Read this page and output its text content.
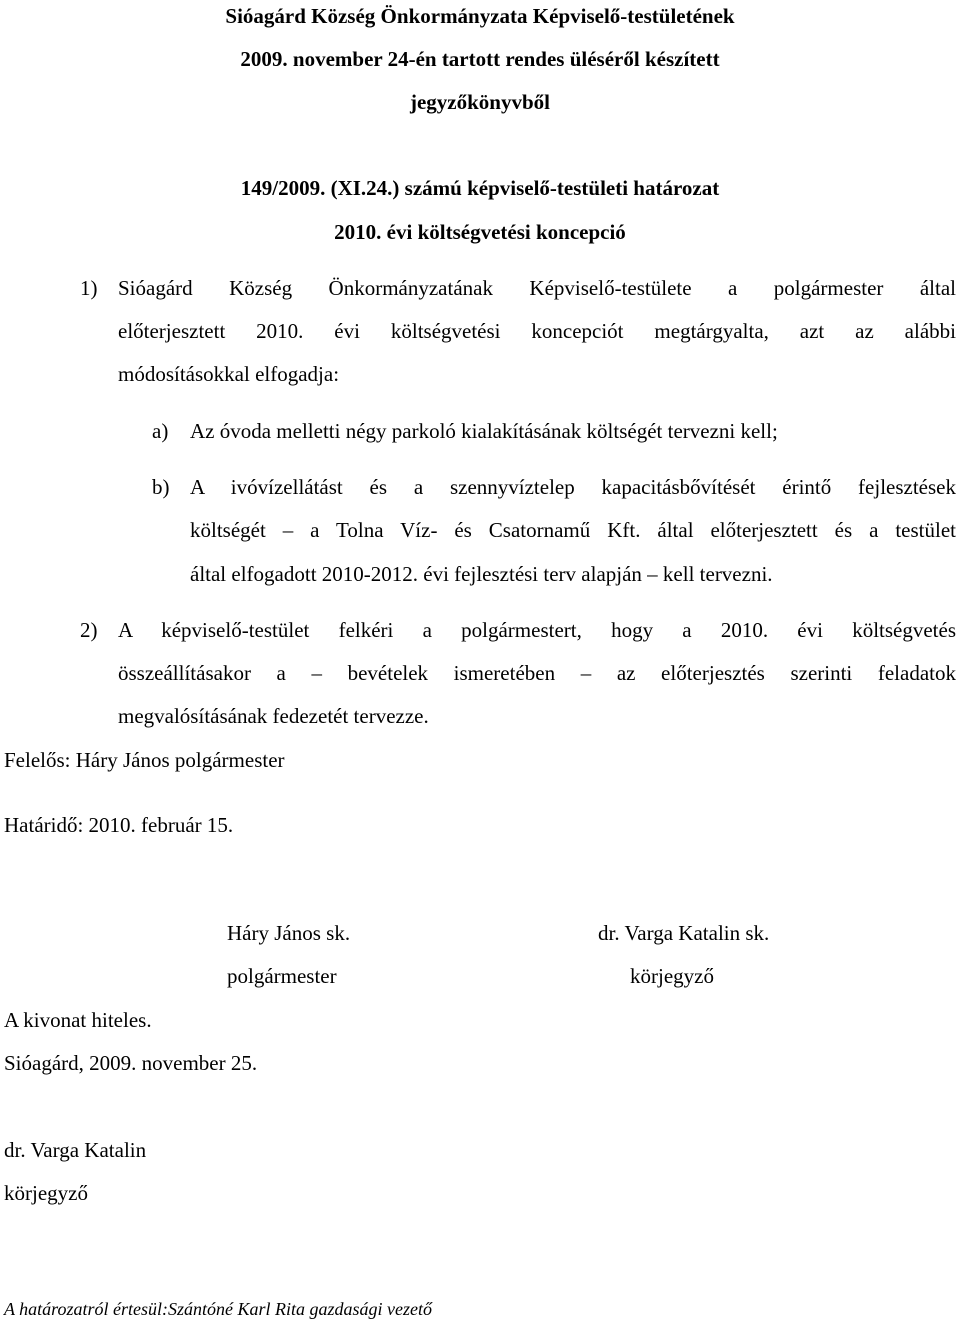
Sióagárd Község Önkormányzata Képviselő-testületének
2009. november 24-én tartott rendes üléséről készített
jegyzőkönyvből
149/2009. (XI.24.) számú képviselő-testületi határozat
2010. évi költségvetési koncepció
1) Sióagárd Község Önkormányzatának Képviselő-testülete a polgármester által
előterjesztett 2010. évi költségvetési koncepciót megtárgyalta, azt az alábbi
módosításokkal elfogadja:
a) Az óvoda melletti négy parkoló kialakításának költségét tervezni kell;
b) A ivóvízellátást és a szennyvíztelep kapacitásbővítését érintő fejlesztések
költségét – a Tolna Víz- és Csatornamű Kft. által előterjesztett és a testület
által elfogadott 2010-2012. évi fejlesztési terv alapján – kell tervezni.
2) A képviselő-testület felkéri a polgármestert, hogy a 2010. évi költségvetés
összeállításakor a – bevételek ismeretében – az előterjesztés szerinti feladatok
megvalósításának fedezetét tervezze.
Felelős: Háry János polgármester
Határidő: 2010. február 15.
Háry János sk.
polgármester
dr. Varga Katalin sk.
körjegyző
A kivonat hiteles.
Sióagárd, 2009. november 25.
dr. Varga Katalin
körjegyző
A határozatról értesül:Szántóné Karl Rita gazdasági vezető
